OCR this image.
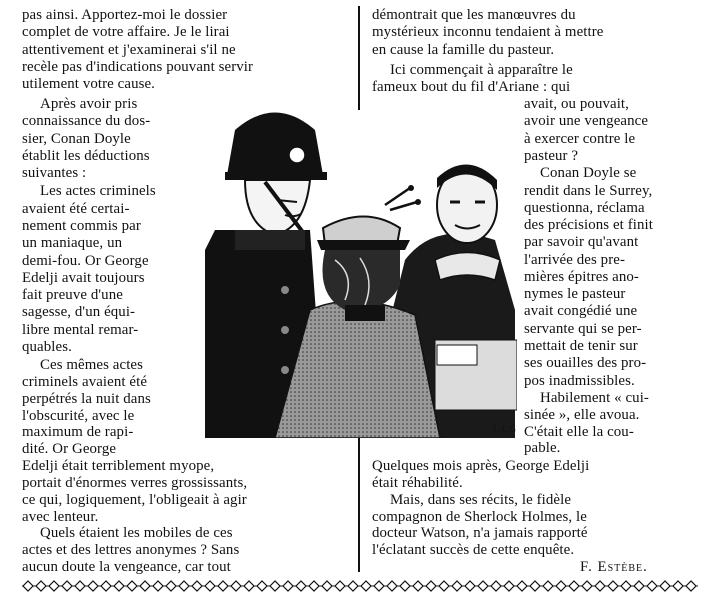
pas ainsi. Apportez-moi le dossier
complet de votre affaire. Je le lirai
attentivement et j'examinerai s'il ne
recèle pas d'indications pouvant servir
utilement votre cause.
Après avoir pris
connaissance du dos-
sier, Conan Doyle
établit les déductions
suivantes :
Les actes criminels
avaient été certai-
nement commis par
un maniaque, un
demi-fou. Or George
Edelji avait toujours
fait preuve d'une
sagesse, d'un équi-
libre mental remar-
quables.
Ces mêmes actes
criminels avaient été
perpétrés la nuit dans
l'obscurité, avec le
maximum de rapi-
dité. Or George
Edelji était terriblement myope,
portait d'énormes verres grossissants,
ce qui, logiquement, l'obligeait à agir
J.-L.G
démontrait que les manœuvres du
mystérieux inconnu tendaient à mettre
en cause la famille du pasteur.
Ici commençait à apparaître le
fameux bout du fil d'Ariane : qui
avait, ou pouvait,
avoir une vengeance
à exercer contre le
pasteur ?
Conan Doyle se
rendit dans le Surrey,
questionna, réclama
des précisions et finit
par savoir qu'avant
l'arrivée des pre-
mières épitres ano-
nymes le pasteur
avait congédié une
servante qui se per-
mettait de tenir sur
ses ouailles des pro-
pos inadmissibles.
Quelques mois après, George Edelji
était réhabilité.
Mais, dans ses récits, le fidèle
compagnon de Sherlock Holmes, le
docteur Watson, n'a jamais rapporté
l'éclatant succès de cette enquête.
F. Estèbe.
avec lenteur.
Quels étaient les mobiles de ces
actes et des lettres anonymes ? Sans
aucun doute la vengeance, car tout
Habilement « cui-
sinée », elle avoua.
C'était elle la cou-
pable.
